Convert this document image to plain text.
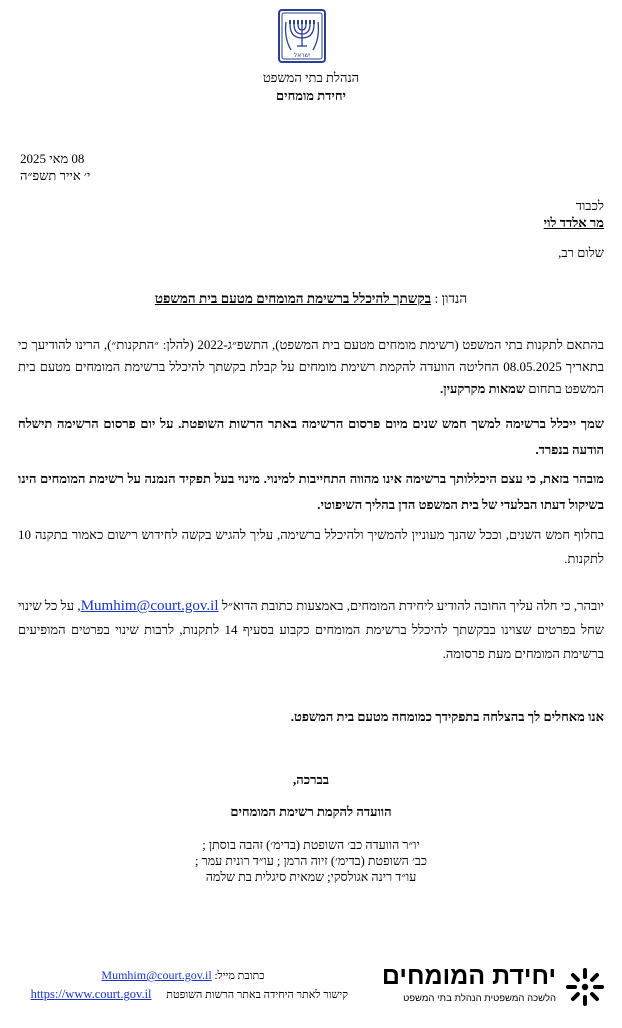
ישראל
הנהלת בתי המשפט
יחידת מומחים
08 מאי 2025
י׳ אייר תשפ״ה
לכבוד
מר אלדד לוי
שלום רב,
הנדון : בקשתך להיכלל ברשימת המומחים מטעם בית המשפט
בהתאם לתקנות בתי המשפט (רשימת מומחים מטעם בית המשפט), התשפ״ג-2022 (להלן: ״התקנות״), הרינו להודיעך כי בתאריך 08.05.2025 החליטה הוועדה להקמת רשימת מומחים על קבלת בקשתך להיכלל ברשימת המומחים מטעם בית המשפט בתחום שמאות מקרקעין.
שמך ייכלל ברשימה למשך חמש שנים מיום פרסום הרשימה באתר הרשות השופטת. על יום פרסום הרשימה תישלח הודעה בנפרד.
מובהר בזאת, כי עצם היכללותך ברשימה אינו מהווה התחייבות למינוי. מינוי בעל תפקיד הנמנה על רשימת המומחים הינו בשיקול דעתו הבלעדי של בית המשפט הדן בהליך השיפוטי.
בחלוף חמש השנים, וככל שהנך מעוניין להמשיך ולהיכלל ברשימה, עליך להגיש בקשה לחידוש רישום כאמור בתקנה 10 לתקנות.
יובהר, כי חלה עליך החובה להודיע ליחידת המומחים, באמצעות כתובת הדוא״ל Mumhim@court.gov.il, על כל שינוי שחל בפרטים שצוינו בבקשתך להיכלל ברשימת המומחים כקבוע בסעיף 14 לתקנות, לרבות שינוי בפרטים המופיעים ברשימת המומחים מעת פרסומה.
אנו מאחלים לך בהצלחה בתפקידך כמומחה מטעם בית המשפט.
בברכה,
הוועדה להקמת רשימת המומחים
יו״ר הוועדה כב׳ השופטת (בדימ׳) זהבה בוסתן ;
כב׳ השופטת (בדימ׳) זיוה הרמן ; עו״ד רונית עמר ;
עו״ד רינה אגולסקי; שמאית סיגלית בת שלמה
כתובת מייל: Mumhim@court.gov.il
קישור לאתר היחידה באתר הרשות השופטת https://www.court.gov.il
יחידת המומחים
הלשכה המשפטית הנהלת בתי המשפט
